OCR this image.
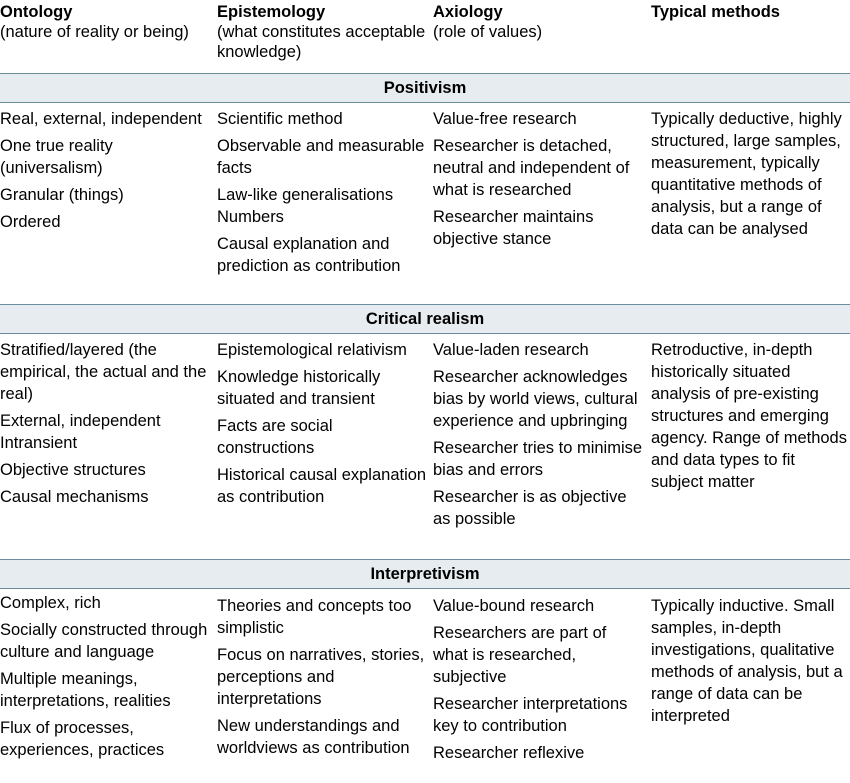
Ontology
(nature of reality or being)
Epistemology
(what constitutes acceptable knowledge)
Axiology
(role of values)
Typical methods
Positivism
Real, external, independent
One true reality (universalism)
Granular (things)
Ordered
Scientific method
Observable and measurable facts
Law-like generalisations
Numbers
Causal explanation and prediction as contribution
Value-free research
Researcher is detached, neutral and independent of what is researched
Researcher maintains objective stance
Typically deductive, highly structured, large samples, measurement, typically quantitative methods of analysis, but a range of data can be analysed
Critical realism
Stratified/layered (the empirical, the actual and the real)
External, independent
Intransient
Objective structures
Causal mechanisms
Epistemological relativism
Knowledge historically situated and transient
Facts are social constructions
Historical causal explanation as contribution
Value-laden research
Researcher acknowledges bias by world views, cultural experience and upbringing
Researcher tries to minimise bias and errors
Researcher is as objective as possible
Retroductive, in-depth historically situated analysis of pre-existing structures and emerging agency. Range of methods and data types to fit subject matter
Interpretivism
Complex, rich
Socially constructed through culture and language
Multiple meanings, interpretations, realities
Flux of processes, experiences, practices
Theories and concepts too simplistic
Focus on narratives, stories, perceptions and interpretations
New understandings and worldviews as contribution
Value-bound research
Researchers are part of what is researched, subjective
Researcher interpretations key to contribution
Researcher reflexive
Typically inductive. Small samples, in-depth investigations, qualitative methods of analysis, but a range of data can be interpreted
